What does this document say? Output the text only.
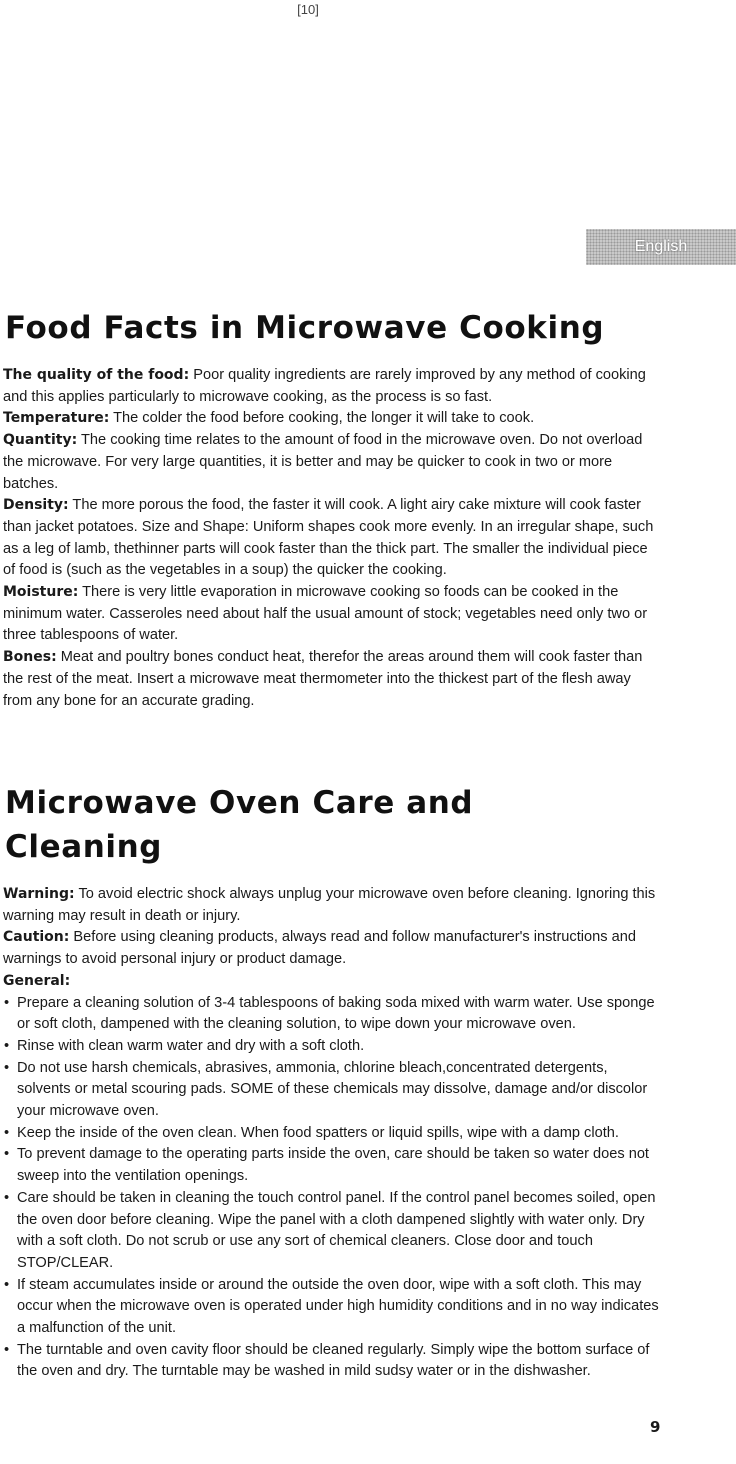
[10]
English
Food Facts in Microwave Cooking

The quality of the food: Poor quality ingredients are rarely improved by any method of cooking and this applies particularly to microwave cooking, as the process is so fast.

Temperature: The colder the food before cooking, the longer it will take to cook.

Quantity: The cooking time relates to the amount of food in the microwave oven. Do not overload the microwave. For very large quantities, it is better and may be quicker to cook in two or more batches.

Density: The more porous the food, the faster it will cook. A light airy cake mixture will cook faster than jacket potatoes. Size and Shape: Uniform shapes cook more evenly. In an irregular shape, such as a leg of lamb, thethinner parts will cook faster than the thick part. The smaller the individual piece of food is (such as the vegetables in a soup) the quicker the cooking.

Moisture: There is very little evaporation in microwave cooking so foods can be cooked in the minimum water. Casseroles need about half the usual amount of stock; vegetables need only two or three tablespoons of water.

Bones: Meat and poultry bones conduct heat, therefor the areas around them will cook faster than the rest of the meat. Insert a microwave meat thermometer into the thickest part of the flesh away from any bone for an accurate grading.

Microwave Oven Care and Cleaning

Warning: To avoid electric shock always unplug your microwave oven before cleaning. Ignoring this warning may result in death or injury.

Caution: Before using cleaning products, always read and follow manufacturer's instructions and warnings to avoid personal injury or product damage.

General:

• Prepare a cleaning solution of 3-4 tablespoons of baking soda mixed with warm water. Use sponge or soft cloth, dampened with the cleaning solution, to wipe down your microwave oven.
• Rinse with clean warm water and dry with a soft cloth.
• Do not use harsh chemicals, abrasives, ammonia, chlorine bleach,concentrated detergents, solvents or metal scouring pads. SOME of these chemicals may dissolve, damage and/or discolor your microwave oven.
• Keep the inside of the oven clean. When food spatters or liquid spills, wipe with a damp cloth.
• To prevent damage to the operating parts inside the oven, care should be taken so water does not sweep into the ventilation openings.
• Care should be taken in cleaning the touch control panel. If the control panel becomes soiled, open the oven door before cleaning. Wipe the panel with a cloth dampened slightly with water only. Dry with a soft cloth. Do not scrub or use any sort of chemical cleaners. Close door and touch STOP/CLEAR.
• If steam accumulates inside or around the outside the oven door, wipe with a soft cloth. This may occur when the microwave oven is operated under high humidity conditions and in no way indicates a malfunction of the unit.
• The turntable and oven cavity floor should be cleaned regularly. Simply wipe the bottom surface of the oven and dry. The turntable may be washed in mild sudsy water or in the dishwasher.
9
